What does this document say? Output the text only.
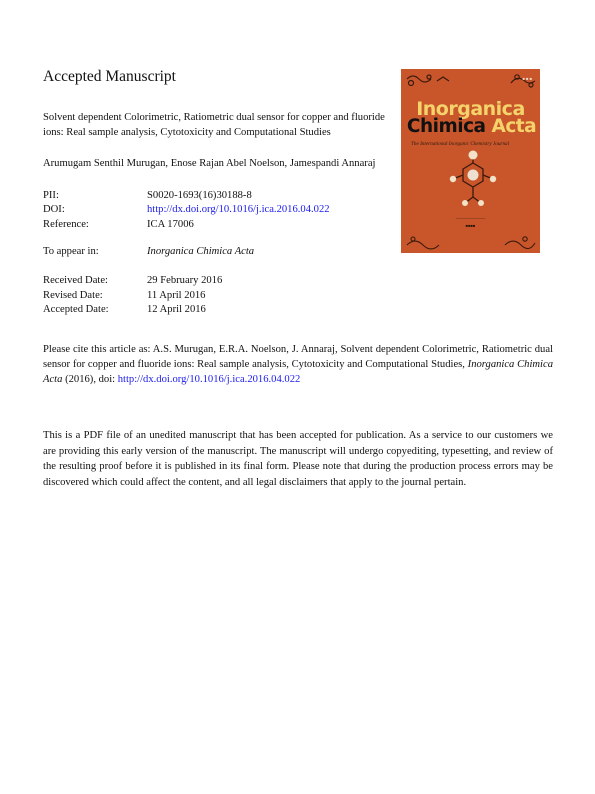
Accepted Manuscript
Solvent dependent Colorimetric, Ratiometric dual sensor for copper and fluoride ions: Real sample analysis, Cytotoxicity and Computational Studies
Arumugam Senthil Murugan, Enose Rajan Abel Noelson, Jamespandi Annaraj
PII:	S0020-1693(16)30188-8
DOI:	http://dx.doi.org/10.1016/j.ica.2016.04.022
Reference:	ICA 17006
To appear in:	Inorganica Chimica Acta
Received Date:	29 February 2016
Revised Date:	11 April 2016
Accepted Date:	12 April 2016
Please cite this article as: A.S. Murugan, E.R.A. Noelson, J. Annaraj, Solvent dependent Colorimetric, Ratiometric dual sensor for copper and fluoride ions: Real sample analysis, Cytotoxicity and Computational Studies, Inorganica Chimica Acta (2016), doi: http://dx.doi.org/10.1016/j.ica.2016.04.022
This is a PDF file of an unedited manuscript that has been accepted for publication. As a service to our customers we are providing this early version of the manuscript. The manuscript will undergo copyediting, typesetting, and review of the resulting proof before it is published in its final form. Please note that during the production process errors may be discovered which could affect the content, and all legal disclaimers that apply to the journal pertain.
■ ■ ■
Inorganica
Chimica Acta
The International Inorganic Chemistry Journal
———————
■■■■
